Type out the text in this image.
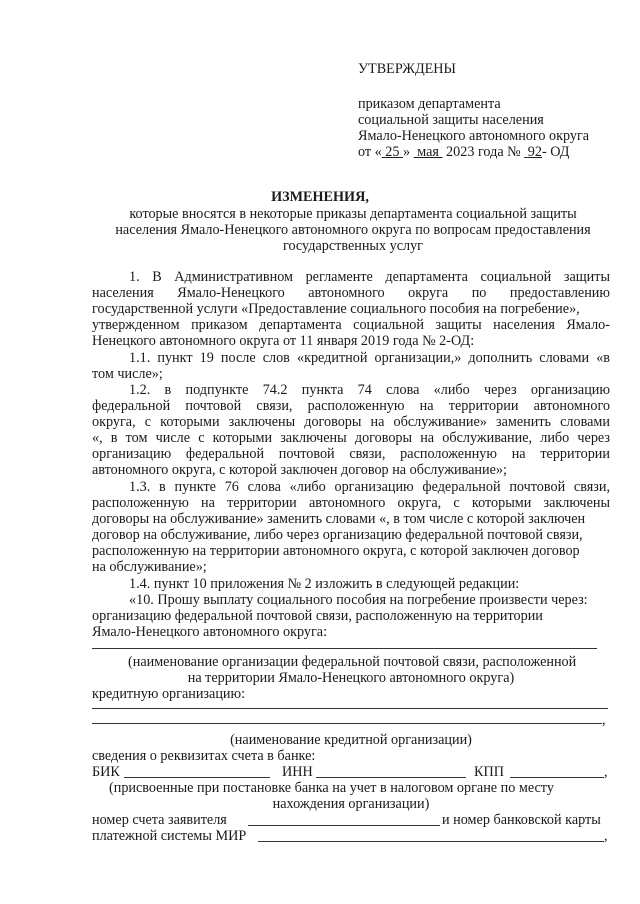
УТВЕРЖДЕНЫ
приказом департамента
социальной защиты населения
Ямало-Ненецкого автономного округа
от « 25 » мая 2023 года № 92- ОД
ИЗМЕНЕНИЯ,
которые вносятся в некоторые приказы департамента социальной защиты
населения Ямало-Ненецкого автономного округа по вопросам предоставления
государственных услуг
1. В Административном регламенте департамента социальной защиты
населения Ямало-Ненецкого автономного округа по предоставлению
государственной услуги «Предоставление социального пособия на погребение»,
утвержденном приказом департамента социальной защиты населения Ямало-
Ненецкого автономного округа от 11 января 2019 года № 2-ОД:
1.1. пункт 19 после слов «кредитной организации,» дополнить словами «в
том числе»;
1.2. в подпункте 74.2 пункта 74 слова «либо через организацию
федеральной почтовой связи, расположенную на территории автономного
округа, с которыми заключены договоры на обслуживание» заменить словами
«, в том числе с которыми заключены договоры на обслуживание, либо через
организацию федеральной почтовой связи, расположенную на территории
автономного округа, с которой заключен договор на обслуживание»;
1.3. в пункте 76 слова «либо организацию федеральной почтовой связи,
расположенную на территории автономного округа, с которыми заключены
договоры на обслуживание» заменить словами «, в том числе с которой заключен
договор на обслуживание, либо через организацию федеральной почтовой связи,
расположенную на территории автономного округа, с которой заключен договор
на обслуживание»;
1.4. пункт 10 приложения № 2 изложить в следующей редакции:
«10. Прошу выплату социального пособия на погребение произвести через:
организацию федеральной почтовой связи, расположенную на территории
Ямало-Ненецкого автономного округа:
(наименование организации федеральной почтовой связи, расположенной
на территории Ямало-Ненецкого автономного округа)
кредитную организацию:
,
(наименование кредитной организации)
сведения о реквизитах счета в банке:
БИК	ИНН	КПП	,
(присвоенные при постановке банка на учет в налоговом органе по месту
нахождения организации)
номер счета заявителя	и номер банковской карты
платежной системы МИР	,
